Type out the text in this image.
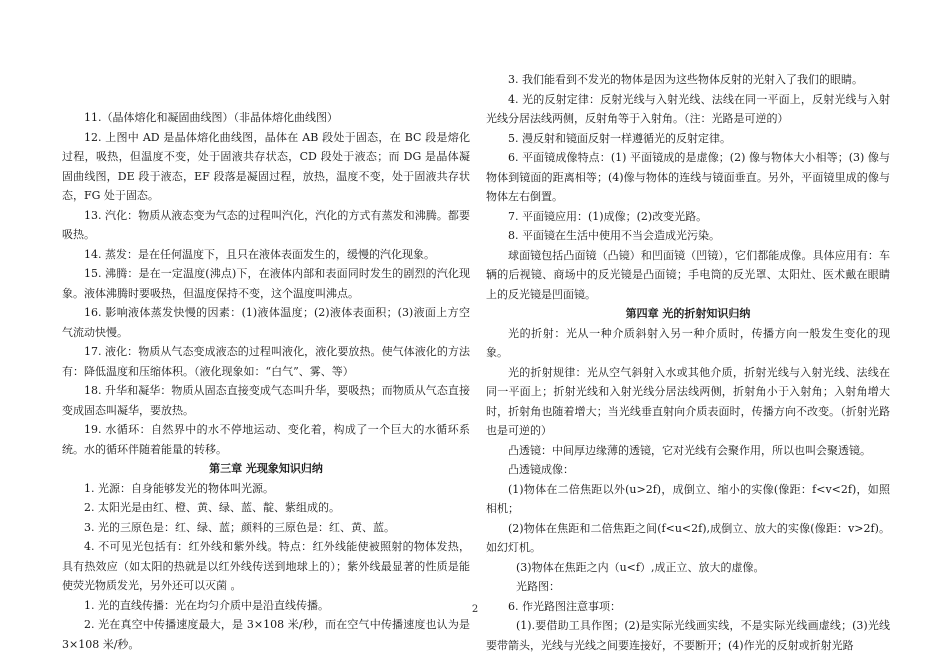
11.（晶体熔化和凝固曲线图）（非晶体熔化曲线图）

12. 上图中 AD 是晶体熔化曲线图，晶体在 AB 段处于固态，在 BC 段是熔化过程，吸热，但温度不变，处于固液共存状态，CD 段处于液态；而 DG 是晶体凝固曲线图，DE 段于液态，EF 段落是凝固过程，放热，温度不变，处于固液共存状态，FG 处于固态。

13. 汽化：物质从液态变为气态的过程叫汽化，汽化的方式有蒸发和沸腾。都要吸热。

14. 蒸发：是在任何温度下，且只在液体表面发生的，缓慢的汽化现象。

15. 沸腾：是在一定温度(沸点)下，在液体内部和表面同时发生的剧烈的汽化现象。液体沸腾时要吸热，但温度保持不变，这个温度叫沸点。

16. 影响液体蒸发快慢的因素：(1)液体温度；(2)液体表面积；(3)液面上方空气流动快慢。

17. 液化：物质从气态变成液态的过程叫液化，液化要放热。使气体液化的方法有：降低温度和压缩体积。（液化现象如：“白气”、雾、等）

18. 升华和凝华：物质从固态直接变成气态叫升华，要吸热；而物质从气态直接变成固态叫凝华，要放热。

19. 水循环：自然界中的水不停地运动、变化着，构成了一个巨大的水循环系统。水的循环伴随着能量的转移。

第三章 光现象知识归纳

1. 光源：自身能够发光的物体叫光源。

2. 太阳光是由红、橙、黄、绿、蓝、靛、紫组成的。

3. 光的三原色是：红、绿、蓝；颜料的三原色是：红、黄、蓝。

4. 不可见光包括有：红外线和紫外线。特点：红外线能使被照射的物体发热，具有热效应（如太阳的热就是以红外线传送到地球上的）；紫外线最显著的性质是能使荧光物质发光，另外还可以灭菌 。

1. 光的直线传播：光在均匀介质中是沿直线传播。

2. 光在真空中传播速度最大，是 3×108 米/秒，而在空气中传播速度也认为是 3×108 米/秒。

3. 我们能看到不发光的物体是因为这些物体反射的光射入了我们的眼睛。

4. 光的反射定律：反射光线与入射光线、法线在同一平面上，反射光线与入射光线分居法线两侧，反射角等于入射角。（注：光路是可逆的）

5. 漫反射和镜面反射一样遵循光的反射定律。

6. 平面镜成像特点：(1) 平面镜成的是虚像；(2) 像与物体大小相等；(3) 像与物体到镜面的距离相等；(4)像与物体的连线与镜面垂直。另外，平面镜里成的像与物体左右倒置。

7. 平面镜应用：(1)成像；(2)改变光路。

8. 平面镜在生活中使用不当会造成光污染。

球面镜包括凸面镜（凸镜）和凹面镜（凹镜），它们都能成像。具体应用有：车辆的后视镜、商场中的反光镜是凸面镜；手电筒的反光罩、太阳灶、医术戴在眼睛上的反光镜是凹面镜。

第四章 光的折射知识归纳

光的折射：光从一种介质斜射入另一种介质时，传播方向一般发生变化的现象。

光的折射规律：光从空气斜射入水或其他介质，折射光线与入射光线、法线在同一平面上；折射光线和入射光线分居法线两侧，折射角小于入射角；入射角增大时，折射角也随着增大；当光线垂直射向介质表面时，传播方向不改变。（折射光路也是可逆的）

凸透镜：中间厚边缘薄的透镜，它对光线有会聚作用，所以也叫会聚透镜。

凸透镜成像：

(1)物体在二倍焦距以外(u>2f)，成倒立、缩小的实像(像距：f<v<2f)，如照相机；

(2)物体在焦距和二倍焦距之间(f<u<2f),成倒立、放大的实像(像距：v>2f)。如幻灯机。

(3)物体在焦距之内（u<f）,成正立、放大的虚像。

光路图：

6. 作光路图注意事项：

(1).要借助工具作图；(2)是实际光线画实线，不是实际光线画虚线；(3)光线要带箭头，光线与光线之间要连接好，不要断开；(4)作光的反射或折射光路

2
